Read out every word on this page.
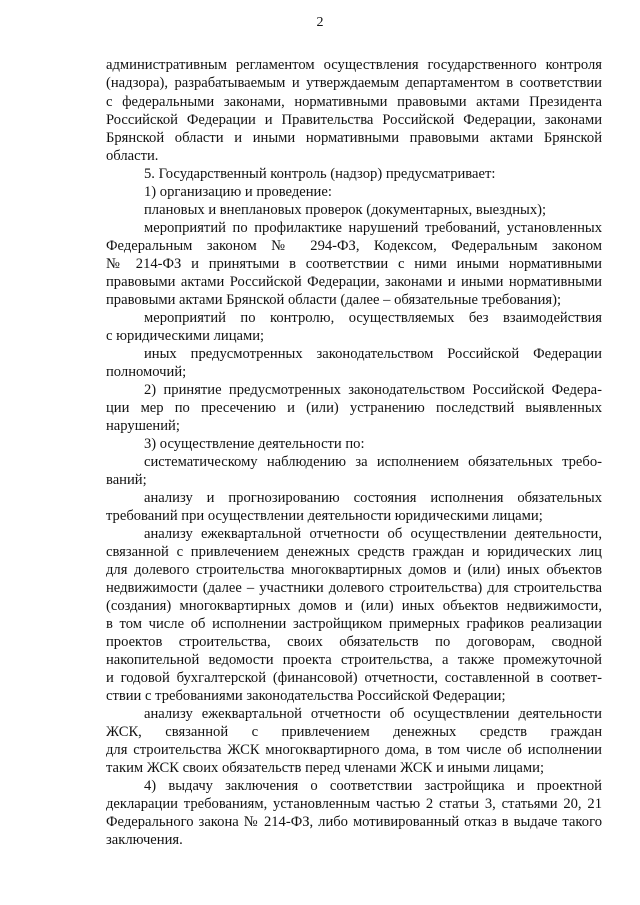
2
административным регламентом осуществления государственного контроля
(надзора), разрабатываемым и утверждаемым департаментом в соответствии
с федеральными законами, нормативными правовыми актами Президента
Российской Федерации и Правительства Российской Федерации, законами
Брянской области и иными нормативными правовыми актами Брянской
области.
5. Государственный контроль (надзор) предусматривает:
1) организацию и проведение:
плановых и внеплановых проверок (документарных, выездных);
мероприятий по профилактике нарушений требований, установленных
Федеральным законом № 294-ФЗ, Кодексом, Федеральным законом
№ 214-ФЗ и принятыми в соответствии с ними иными нормативными
правовыми актами Российской Федерации, законами и иными нормативными
правовыми актами Брянской области (далее – обязательные требования);
мероприятий по контролю, осуществляемых без взаимодействия
с юридическими лицами;
иных предусмотренных законодательством Российской Федерации
полномочий;
2) принятие предусмотренных законодательством Российской Федера-
ции мер по пресечению и (или) устранению последствий выявленных
нарушений;
3) осуществление деятельности по:
систематическому наблюдению за исполнением обязательных требо-
ваний;
анализу и прогнозированию состояния исполнения обязательных
требований при осуществлении деятельности юридическими лицами;
анализу ежеквартальной отчетности об осуществлении деятельности,
связанной с привлечением денежных средств граждан и юридических лиц
для долевого строительства многоквартирных домов и (или) иных объектов
недвижимости (далее – участники долевого строительства) для строительства
(создания) многоквартирных домов и (или) иных объектов недвижимости,
в том числе об исполнении застройщиком примерных графиков реализации
проектов строительства, своих обязательств по договорам, сводной
накопительной ведомости проекта строительства, а также промежуточной
и годовой бухгалтерской (финансовой) отчетности, составленной в соответ-
ствии с требованиями законодательства Российской Федерации;
анализу ежеквартальной отчетности об осуществлении деятельности
ЖСК, связанной с привлечением денежных средств граждан
для строительства ЖСК многоквартирного дома, в том числе об исполнении
таким ЖСК своих обязательств перед членами ЖСК и иными лицами;
4) выдачу заключения о соответствии застройщика и проектной
декларации требованиям, установленным частью 2 статьи 3, статьями 20, 21
Федерального закона № 214-ФЗ, либо мотивированный отказ в выдаче такого
заключения.
